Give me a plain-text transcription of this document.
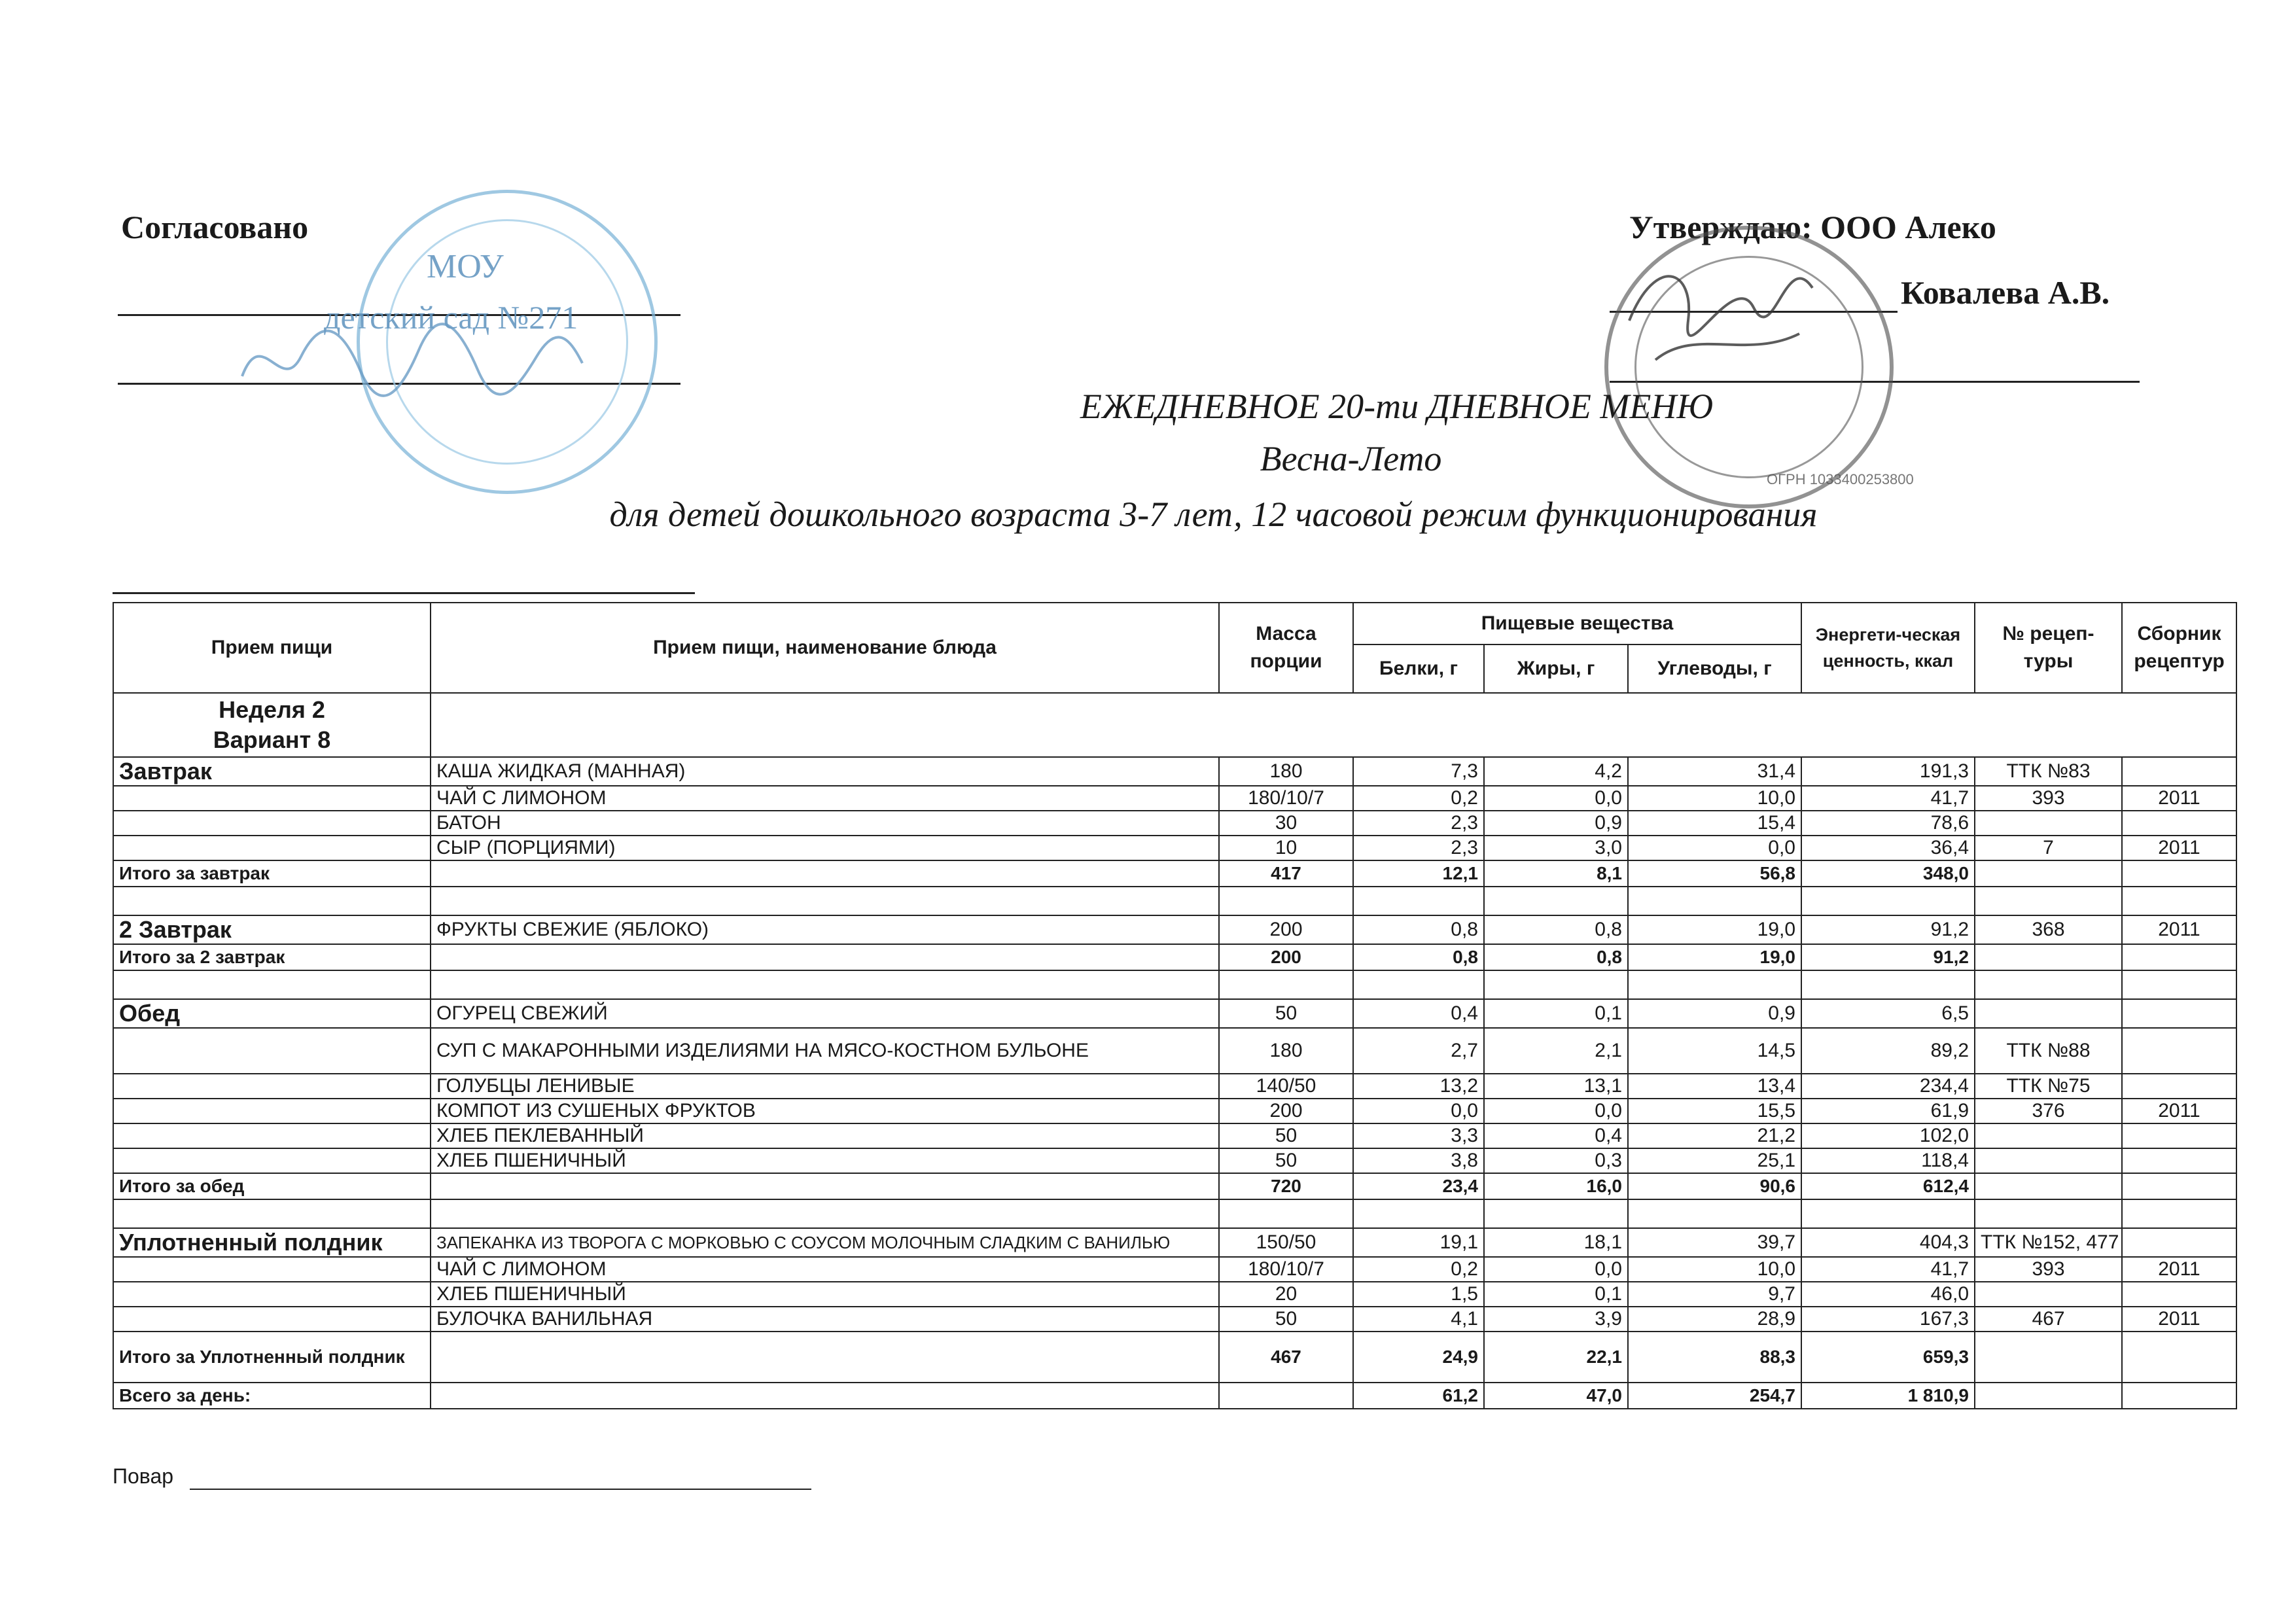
Согласовано
МОУ
детский сад №271
Утверждаю: ООО Алеко
Ковалева А.В.
ОГРН 1033400253800
ЕЖЕДНЕВНОЕ 20-ти ДНЕВНОЕ МЕНЮ
Весна-Лето
для детей дошкольного возраста 3-7 лет, 12 часовой режим функционирования
Прием пищи	Прием пищи, наименование блюда	Масса порции	Пищевые вещества			Энергети-ческая ценность, ккал	№ рецеп-туры	Сборник рецептур
			Белки, г	Жиры, г	Углеводы, г			

Неделя 2
Вариант 8								

Завтрак	КАША ЖИДКАЯ (МАННАЯ)	180	7,3	4,2	31,4	191,3	ТТК №83	
	ЧАЙ С ЛИМОНОМ	180/10/7	0,2	0,0	10,0	41,7	393	2011
	БАТОН	30	2,3	0,9	15,4	78,6		
	СЫР (ПОРЦИЯМИ)	10	2,3	3,0	0,0	36,4	7	2011
Итого за завтрак		417	12,1	8,1	56,8	348,0		

2 Завтрак	ФРУКТЫ СВЕЖИЕ (ЯБЛОКО)	200	0,8	0,8	19,0	91,2	368	2011
Итого за 2 завтрак		200	0,8	0,8	19,0	91,2		

Обед	ОГУРЕЦ СВЕЖИЙ	50	0,4	0,1	0,9	6,5		
	СУП С МАКАРОННЫМИ ИЗДЕЛИЯМИ НА МЯСО-КОСТНОМ БУЛЬОНЕ	180	2,7	2,1	14,5	89,2	ТТК №88	
	ГОЛУБЦЫ ЛЕНИВЫЕ	140/50	13,2	13,1	13,4	234,4	ТТК №75	
	КОМПОТ ИЗ СУШЕНЫХ ФРУКТОВ	200	0,0	0,0	15,5	61,9	376	2011
	ХЛЕБ ПЕКЛЕВАННЫЙ	50	3,3	0,4	21,2	102,0		
	ХЛЕБ ПШЕНИЧНЫЙ	50	3,8	0,3	25,1	118,4		
Итого за обед		720	23,4	16,0	90,6	612,4		

Уплотненный полдник	ЗАПЕКАНКА ИЗ ТВОРОГА С МОРКОВЬЮ С СОУСОМ МОЛОЧНЫМ СЛАДКИМ С ВАНИЛЬЮ	150/50	19,1	18,1	39,7	404,3	ТТК №152, 477	
	ЧАЙ С ЛИМОНОМ	180/10/7	0,2	0,0	10,0	41,7	393	2011
	ХЛЕБ ПШЕНИЧНЫЙ	20	1,5	0,1	9,7	46,0		
	БУЛОЧКА ВАНИЛЬНАЯ	50	4,1	3,9	28,9	167,3	467	2011
Итого за Уплотненный полдник		467	24,9	22,1	88,3	659,3		
Всего за день:			61,2	47,0	254,7	1 810,9		
Повар
